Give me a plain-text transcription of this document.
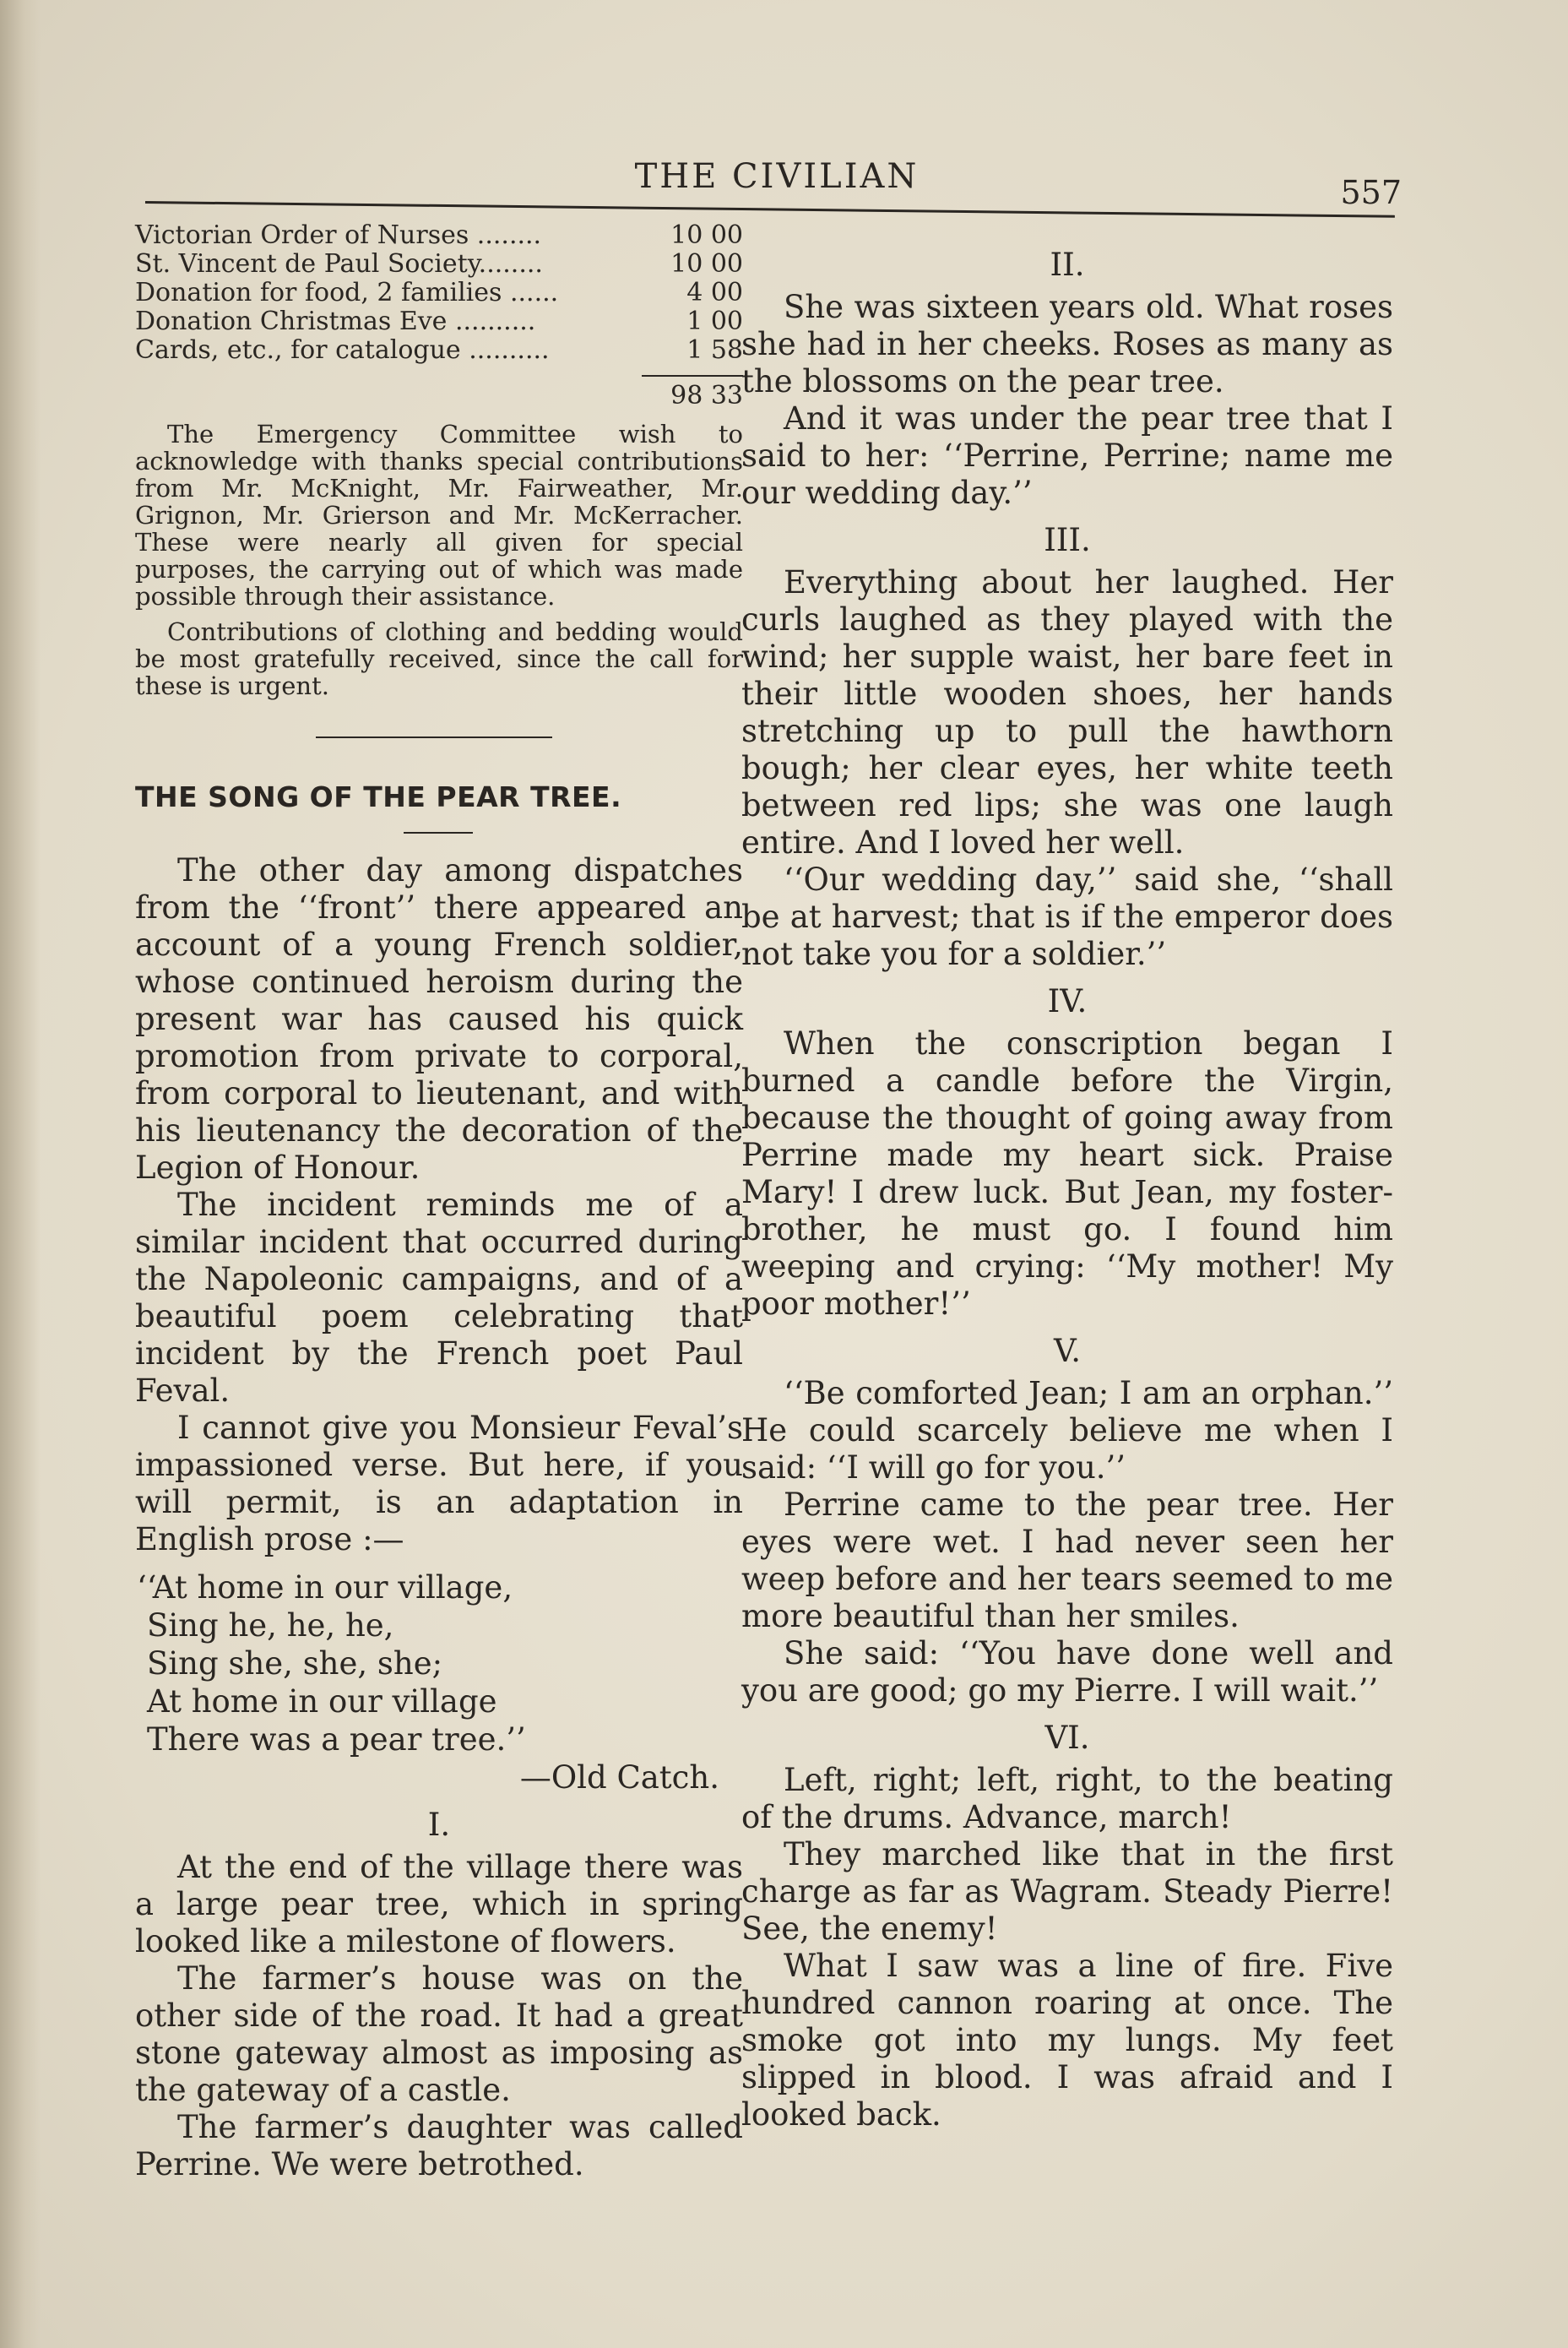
THE CIVILIAN	557
Victorian Order of Nurses ........	10 00
St. Vincent de Paul Society........	10 00
Donation for food, 2 families ......	4 00
Donation Christmas Eve ..........	1 00
Cards, etc., for catalogue ..........	1 58
98 33

The Emergency Committee wish to acknowledge with thanks special contributions from Mr. McKnight, Mr. Fairweather, Mr. Grignon, Mr. Grierson and Mr. McKerracher. These were nearly all given for special purposes, the carrying out of which was made possible through their assistance.

Contributions of clothing and bedding would be most gratefully received, since the call for these is urgent.

THE SONG OF THE PEAR TREE.

The other day among dispatches from the ‘‘front’’ there appeared an account of a young French soldier, whose continued heroism during the present war has caused his quick promotion from private to corporal, from corporal to lieutenant, and with his lieutenancy the decoration of the Legion of Honour.

The incident reminds me of a similar incident that occurred during the Napoleonic campaigns, and of a beautiful poem celebrating that incident by the French poet Paul Feval.

I cannot give you Monsieur Feval’s impassioned verse. But here, if you will permit, is an adaptation in English prose :—

‘‘At home in our village,
Sing he, he, he,
Sing she, she, she;
At home in our village
There was a pear tree.’’
—Old Catch.
I.

At the end of the village there was a large pear tree, which in spring looked like a milestone of flowers.

The farmer’s house was on the other side of the road. It had a great stone gateway almost as imposing as the gateway of a castle.

The farmer’s daughter was called Perrine. We were betrothed.

II.

She was sixteen years old. What roses she had in her cheeks. Roses as many as the blossoms on the pear tree.

And it was under the pear tree that I said to her: ‘‘Perrine, Perrine; name me our wedding day.’’

III.

Everything about her laughed. Her curls laughed as they played with the wind; her supple waist, her bare feet in their little wooden shoes, her hands stretching up to pull the hawthorn bough; her clear eyes, her white teeth between red lips; she was one laugh entire. And I loved her well.

‘‘Our wedding day,’’ said she, ‘‘shall be at harvest; that is if the emperor does not take you for a soldier.’’

IV.

When the conscription began I burned a candle before the Virgin, because the thought of going away from Perrine made my heart sick. Praise Mary! I drew luck. But Jean, my foster-brother, he must go. I found him weeping and crying: ‘‘My mother! My poor mother!’’

V.

‘‘Be comforted Jean; I am an orphan.’’ He could scarcely believe me when I said: ‘‘I will go for you.’’

Perrine came to the pear tree. Her eyes were wet. I had never seen her weep before and her tears seemed to me more beautiful than her smiles.

She said: ‘‘You have done well and you are good; go my Pierre. I will wait.’’

VI.

Left, right; left, right, to the beating of the drums. Advance, march!

They marched like that in the first charge as far as Wagram. Steady Pierre! See, the enemy!

What I saw was a line of fire. Five hundred cannon roaring at once. The smoke got into my lungs. My feet slipped in blood. I was afraid and I looked back.
